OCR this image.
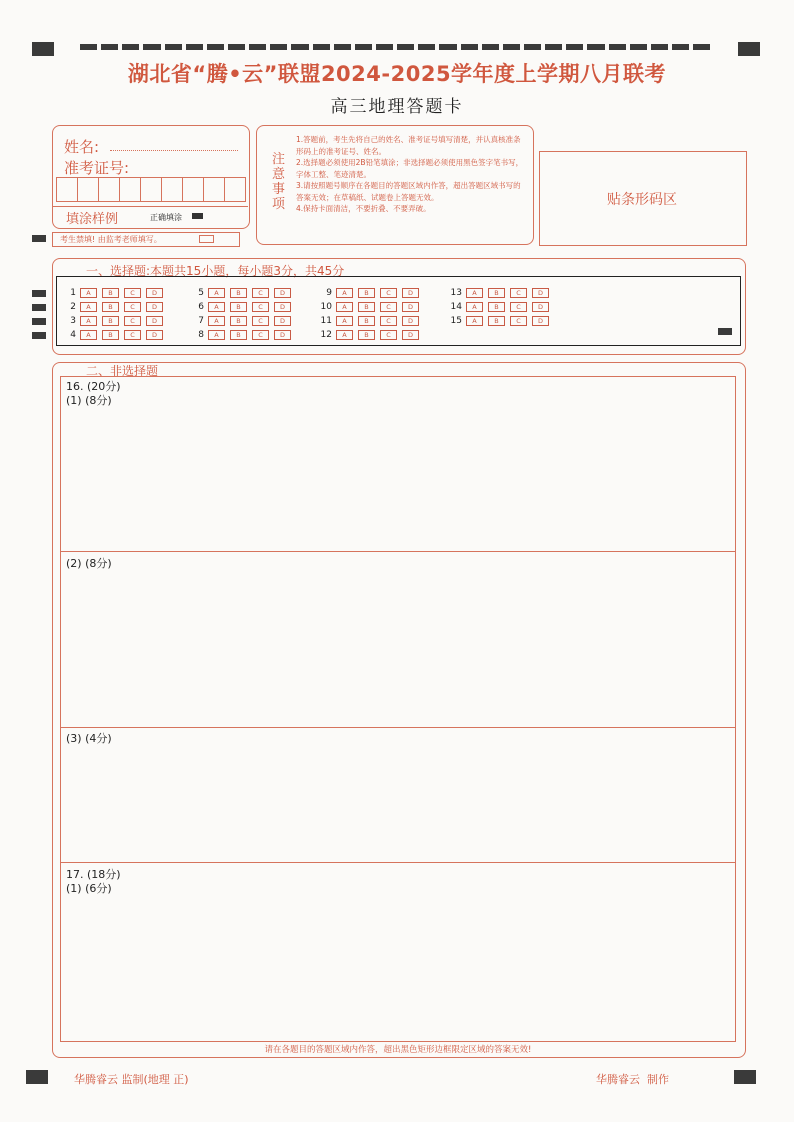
湖北省“腾•云”联盟2024-2025学年度上学期八月联考
高三地理答题卡
姓名:
准考证号:
填涂样例	正确填涂
考生禁填! 由监考老师填写。
注意事项
1.答题前，考生先将自己的姓名、准考证号填写清楚，并认真核准条形码上的准考证号、姓名。
2.选择题必须使用2B铅笔填涂；非选择题必须使用黑色签字笔书写，字体工整、笔迹清楚。
3.请按照题号顺序在各题目的答题区域内作答，超出答题区域书写的答案无效；在草稿纸、试题卷上答题无效。
4.保持卡面清洁，不要折叠、不要弄破。
贴条形码区
一、选择题:本题共15小题，每小题3分，共45分
1	A	B	C	D
2	A	B	C	D
3	A	B	C	D
4	A	B	C	D
5	A	B	C	D
6	A	B	C	D
7	A	B	C	D
8	A	B	C	D
9	A	B	C	D
10	A	B	C	D
11	A	B	C	D
12	A	B	C	D
13	A	B	C	D
14	A	B	C	D
15	A	B	C	D
二、非选择题
16. (20分)
(1) (8分)
(2) (8分)
(3) (4分)
17. (18分)
(1) (6分)
请在各题目的答题区域内作答，超出黑色矩形边框限定区域的答案无效!
华腾睿云 监制(地理 正)	华腾睿云  制作
